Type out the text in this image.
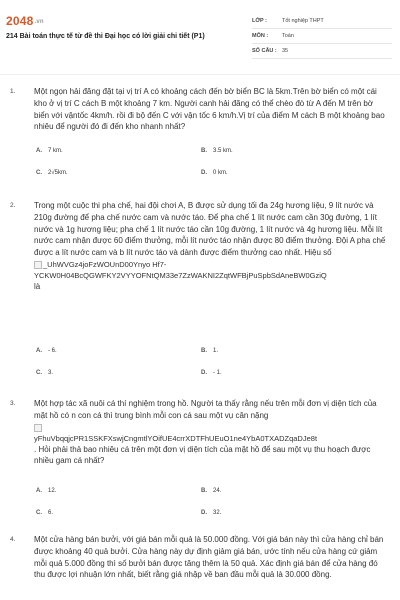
2048.vn
214 Bài toán thực tế từ đề thi Đại học có lời giải chi tiết (P1)
LỚP :	Tốt nghiệp THPT
MÔN :	Toán
SỐ CÂU : 35
1. Một ngọn hải đăng đặt tại vị trí A có khoảng cách đến bờ biển BC là 5km.Trên bờ biển có một cái kho ở vị trí C cách B một khoảng 7 km. Người canh hải đăng có thể chèo đò từ A đến M trên bờ biển với vậntốc 4km/h. rồi đi bộ đến C với vận tốc 6 km/h.Vị trí của điểm M cách B một khoảng bao nhiêu để người đó đi đến kho nhanh nhất?
A.	7 km.	B.	3.5 km.
C.	2√5km.	D.	0 km.
2. Trong một cuộc thi pha chế, hai đội chơi A, B được sử dụng tối đa 24g hương liệu, 9 lít nước và 210g đường để pha chế nước cam và nước táo. Để pha chế 1 lít nước cam cần 30g đường, 1 lít nước và 1g hương liệu; pha chế 1 lít nước táo cần 10g đường, 1 lít nước và 4g hương liệu. Mỗi lít nước cam nhận được 60 điểm thưởng, mỗi lít nước táo nhận được 80 điểm thưởng. Đội A pha chế được a lít nước cam và b lít nước táo và dành được điểm thưởng cao nhất. Hiệu số
_UhWVGz4joFzWOUnD00Ynyo Hf7-
YCKW0H04BcQGWFKY2VYYOFNtQM33e7ZzWAKNI2ZqtWFBjPuSpbSdAneBW0GziQ
là
A.	- 6.	B.	1.
C.	3.	D.	- 1.
3. Một hợp tác xã nuôi cá thí nghiệm trong hồ. Người ta thấy rằng nếu trên mỗi đơn vị diện tích của mặt hồ có n con cá thì trung bình mỗi con cá sau một vụ cân nặng
yFhuVbqqjcPR1SSKFXswjCngmtlYOifUE4crrXDTFhUEuO1ne4YbA0TXADZqaDJe8t
. Hỏi phải thả bao nhiêu cá trên một đơn vị diện tích của mặt hồ để sau một vụ thu hoạch được nhiều gam cá nhất?
A.	12.	B.	24.
C.	6.	D.	32.
4. Một cửa hàng bán bưởi, với giá bán mỗi quả là 50.000 đồng. Với giá bán này thì cửa hàng chỉ bán được khoảng 40 quả bưởi. Cửa hàng này dự định giảm giá bán, ước tính nếu cửa hàng cứ giảm mỗi quả 5.000 đồng thì số bưởi bán được tăng thêm là 50 quả. Xác định giá bán để cửa hàng đó thu được lợi nhuận lớn nhất, biết rằng giá nhập về ban đầu mỗi quả là 30.000 đồng.
